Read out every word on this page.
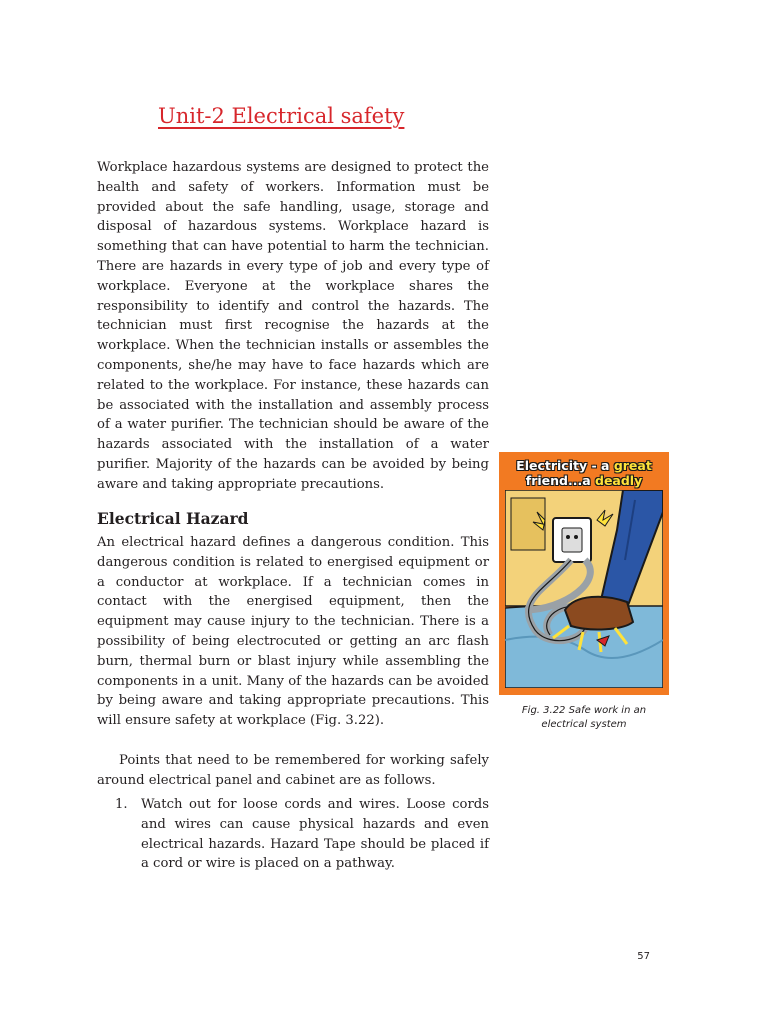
Unit-2 Electrical safety
Workplace hazardous systems are designed to protect the health and safety of workers. Information must be provided about the safe handling, usage, storage and disposal of hazardous systems. Workplace hazard is something that can have potential to harm the technician. There are hazards in every type of job and every type of workplace. Everyone at the workplace shares the responsibility to identify and control the hazards. The technician must first recognise the hazards at the workplace. When the technician installs or assembles the components, she/he may have to face hazards which are related to the workplace. For instance, these hazards can be associated with the installation and assembly process of a water purifier. The technician should be aware of the hazards associated with the installation of a water purifier. Majority of the hazards can be avoided by being aware and taking appropriate precautions.
Electrical Hazard
An electrical hazard defines a dangerous condition. This dangerous condition is related to energised equipment or a conductor at workplace. If a technician comes in contact with the energised equipment, then the equipment may cause injury to the technician. There is a possibility of being electrocuted or getting an arc flash burn, thermal burn or blast injury while assembling the components in a unit. Many of the hazards can be avoided by being aware and taking appropriate precautions. This will ensure safety at workplace (Fig. 3.22).
Points that need to be remembered for working safely around electrical panel and cabinet are as follows.
1.	Watch out for loose cords and wires. Loose cords and wires can cause physical hazards and even electrical hazards. Hazard Tape should be placed if a cord or wire is placed on a pathway.
Electricity - a great
friend...a deadly
Fig. 3.22 Safe work in an electrical system
57
